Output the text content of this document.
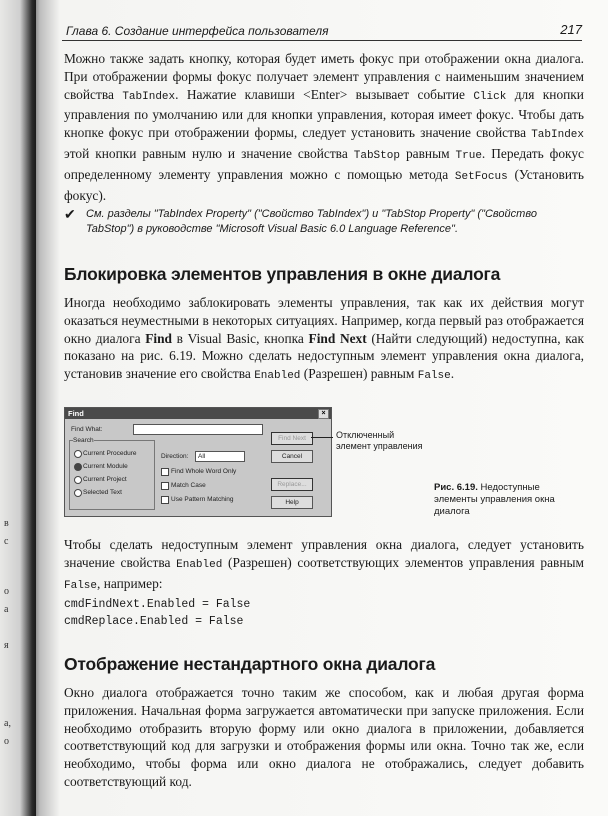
в
с
о
а
я
а,
о
Глава 6. Создание интерфейса пользователя	217
Можно также задать кнопку, которая будет иметь фокус при отображении окна диалога. При отображении формы фокус получает элемент управления с наименьшим значением свойства TabIndex. Нажатие клавиши <Enter> вызывает событие Click для кнопки управления по умолчанию или для кнопки управления, которая имеет фокус. Чтобы дать кнопке фокус при отображении формы, следует установить значение свойства TabIndex этой кнопки равным нулю и значение свойства TabStop равным True. Передать фокус определенному элементу управления можно с помощью метода SetFocus (Установить фокус).
✔ См. разделы "TabIndex Property" ("Свойство TabIndex") и "TabStop Property" ("Свойство TabStop") в руководстве "Microsoft Visual Basic 6.0 Language Reference".
Блокировка элементов управления в окне диалога
Иногда необходимо заблокировать элементы управления, так как их действия могут оказаться неуместными в некоторых ситуациях. Например, когда первый раз отображается окно диалога Find в Visual Basic, кнопка Find Next (Найти следующий) недоступна, как показано на рис. 6.19. Можно сделать недоступным элемент управления окна диалога, установив значение его свойства Enabled (Разрешен) равным False.
Find	×
Find What:
Search
Current Procedure
Current Module
Current Project
Selected Text
Direction:	All
Find Whole Word Only
Match Case
Use Pattern Matching
Find Next
Cancel
Replace...
Help
Отключенный
элемент управления
Рис. 6.19. Недоступные элементы управления окна диалога
Чтобы сделать недоступным элемент управления окна диалога, следует установить значение свойства Enabled (Разрешен) соответствующих элементов управления равным False, например:
cmdFindNext.Enabled = False
cmdReplace.Enabled = False
Отображение нестандартного окна диалога
Окно диалога отображается точно таким же способом, как и любая другая форма приложения. Начальная форма загружается автоматически при запуске приложения. Если необходимо отобразить вторую форму или окно диалога в приложении, добавляется соответствующий код для загрузки и отображения формы или окна. Точно так же, если необходимо, чтобы форма или окно диалога не отображались, следует добавить соответствующий код.
